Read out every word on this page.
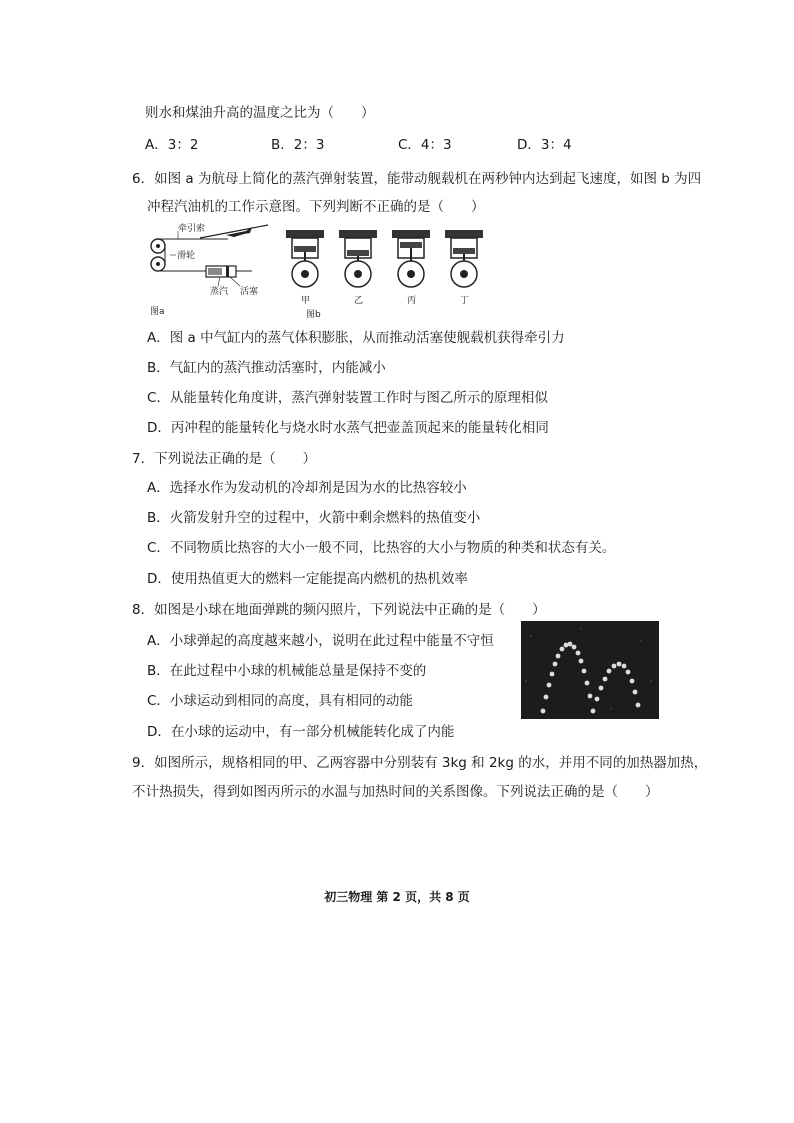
则水和煤油升高的温度之比为（　　）
A．3：2	B．2：3	C．4：3	D．3：4
6．如图 a 为航母上简化的蒸汽弹射装置，能带动舰载机在两秒钟内达到起飞速度，如图 b 为四
冲程汽油机的工作示意图。下列判断不正确的是（　　）
牵引索
滑轮
蒸汽 活塞
图a
甲	乙	丙	丁
图b
A．图 a 中气缸内的蒸气体积膨胀，从而推动活塞使舰载机获得牵引力
B．气缸内的蒸汽推动活塞时，内能减小
C．从能量转化角度讲，蒸汽弹射装置工作时与图乙所示的原理相似
D．丙冲程的能量转化与烧水时水蒸气把壶盖顶起来的能量转化相同
7．下列说法正确的是（　　）
A．选择水作为发动机的冷却剂是因为水的比热容较小
B．火箭发射升空的过程中，火箭中剩余燃料的热值变小
C．不同物质比热容的大小一般不同，比热容的大小与物质的种类和状态有关。
D．使用热值更大的燃料一定能提高内燃机的热机效率
8．如图是小球在地面弹跳的频闪照片，下列说法中正确的是（　　）
A．小球弹起的高度越来越小，说明在此过程中能量不守恒
B．在此过程中小球的机械能总量是保持不变的
C．小球运动到相同的高度，具有相同的动能
D．在小球的运动中，有一部分机械能转化成了内能
9．如图所示，规格相同的甲、乙两容器中分别装有 3kg 和 2kg 的水，并用不同的加热器加热，
不计热损失，得到如图丙所示的水温与加热时间的关系图像。下列说法正确的是（　　）
初三物理 第 2 页，共 8 页
